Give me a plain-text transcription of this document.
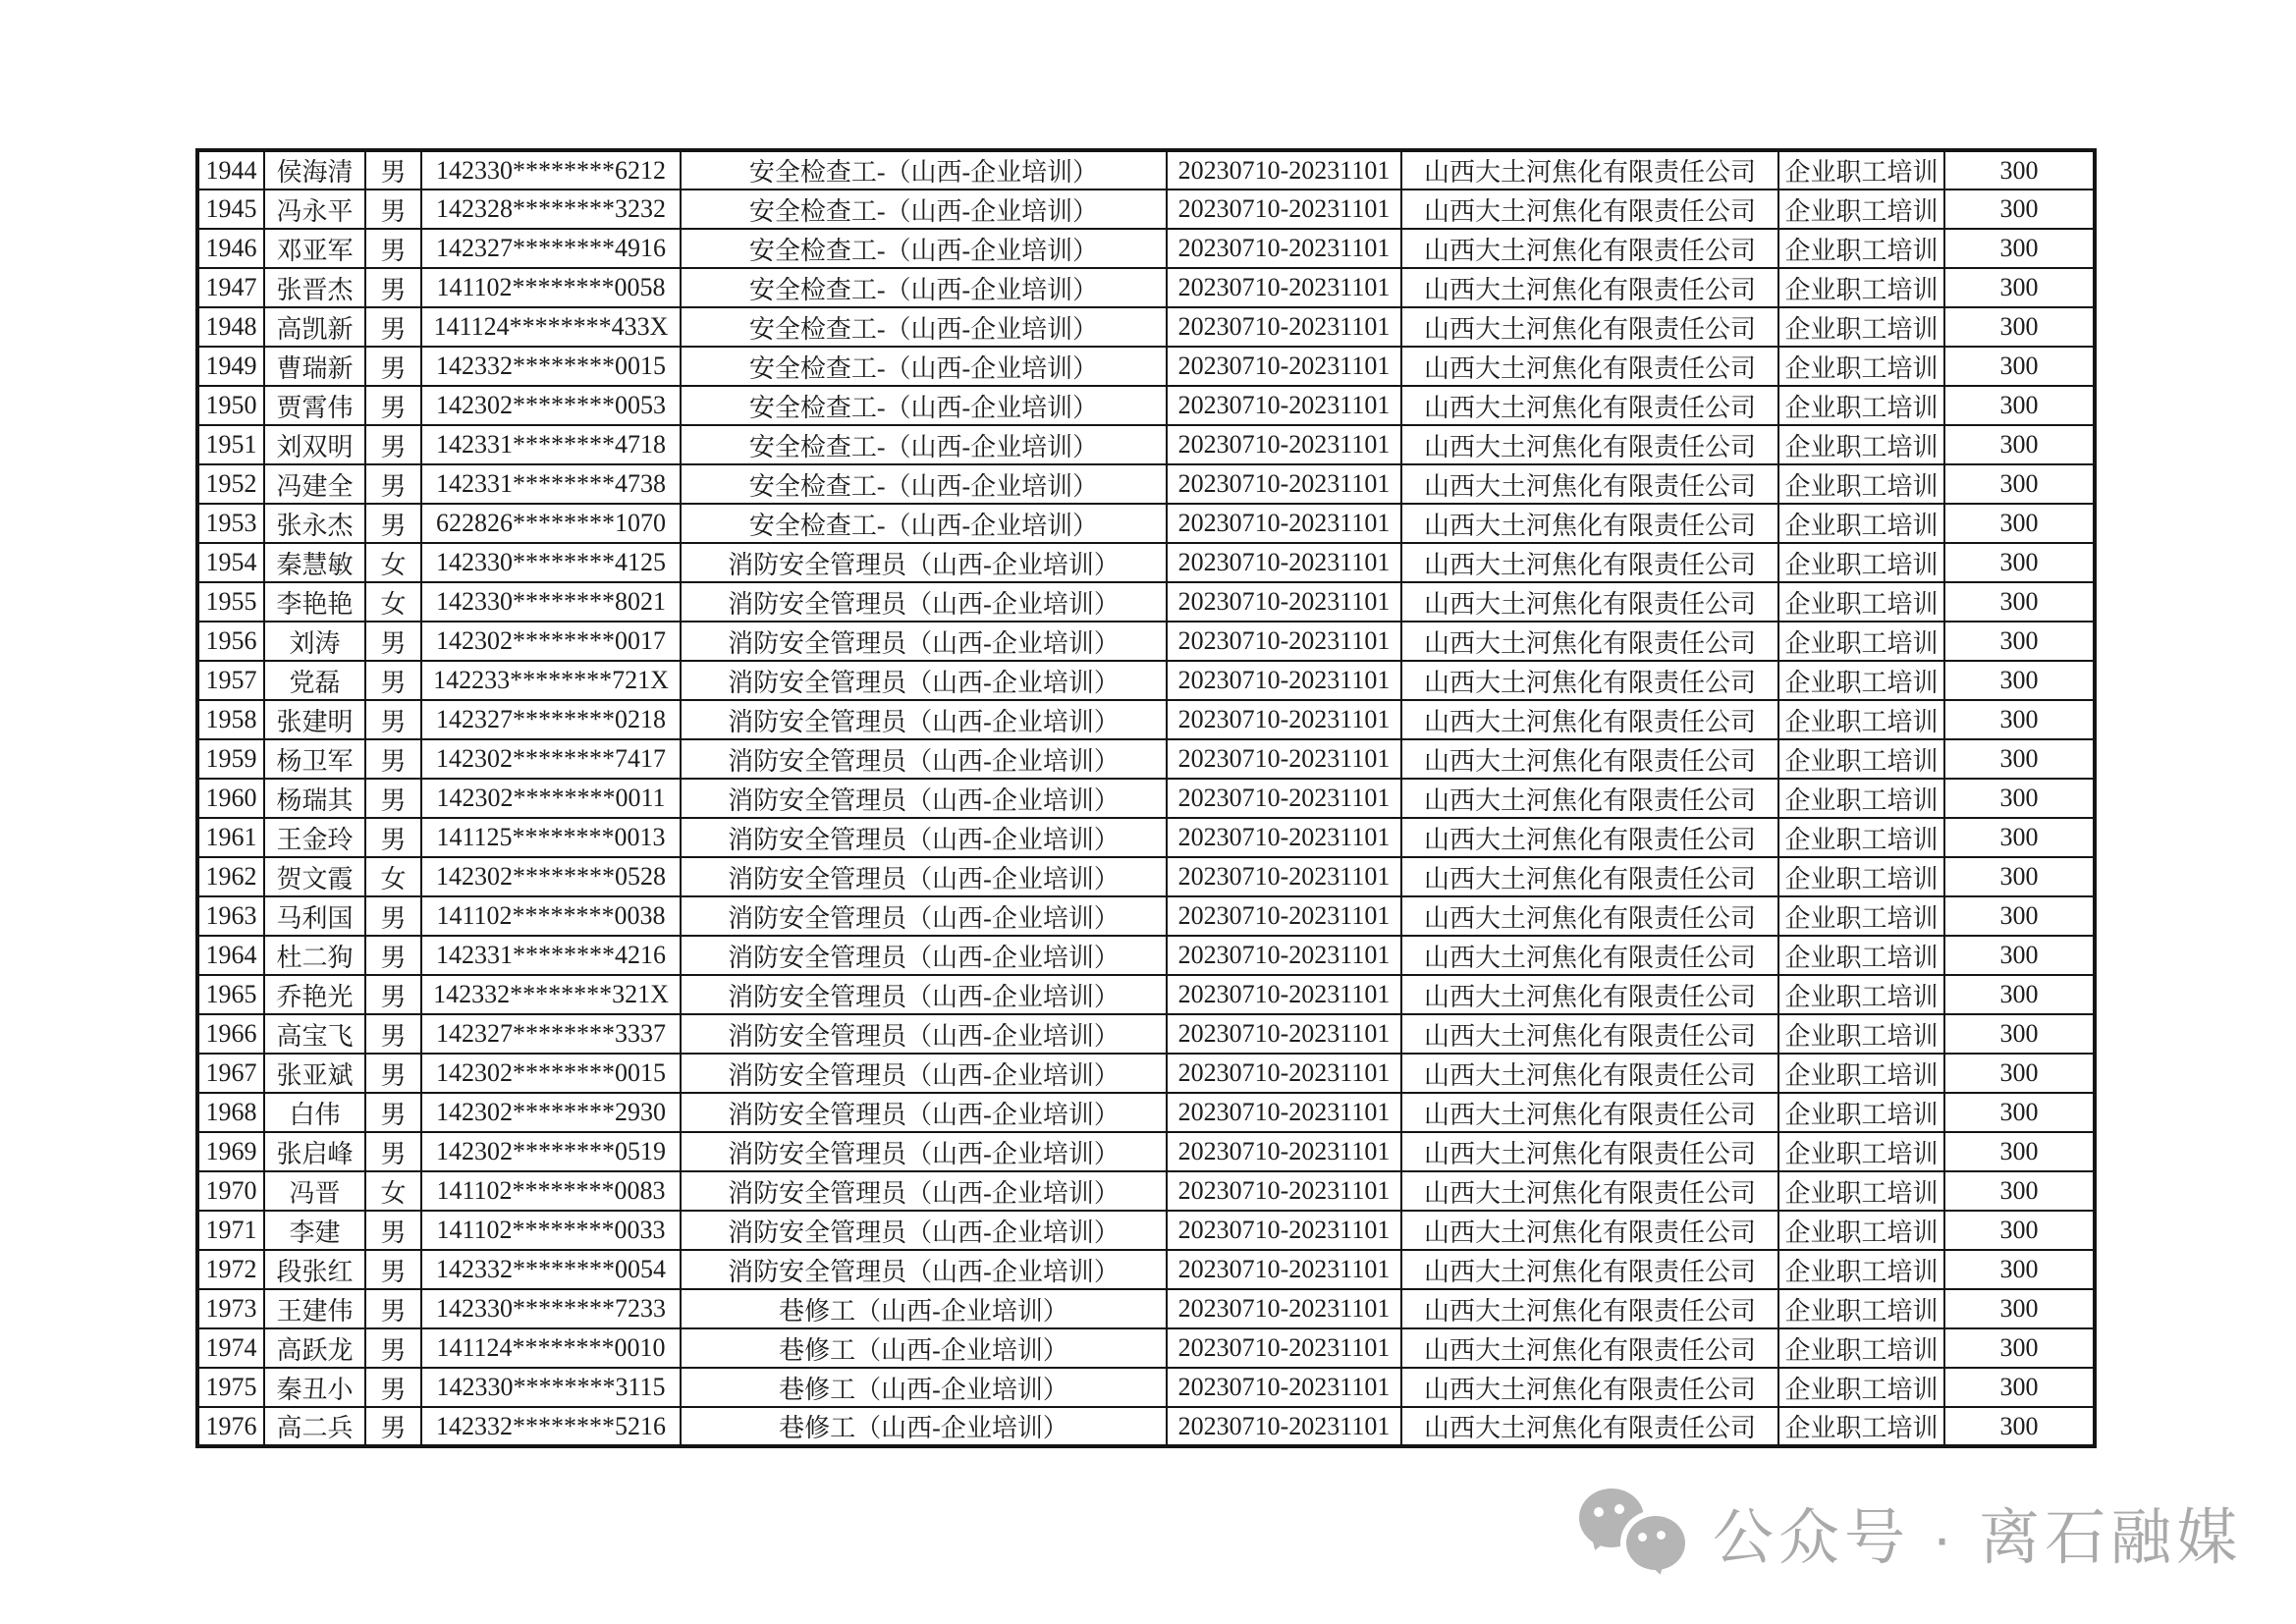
1944	侯海清	男	142330********6212	安全检查工-（山西-企业培训）	20230710-20231101	山西大土河焦化有限责任公司	企业职工培训	300
1945	冯永平	男	142328********3232	安全检查工-（山西-企业培训）	20230710-20231101	山西大土河焦化有限责任公司	企业职工培训	300
1946	邓亚军	男	142327********4916	安全检查工-（山西-企业培训）	20230710-20231101	山西大土河焦化有限责任公司	企业职工培训	300
1947	张晋杰	男	141102********0058	安全检查工-（山西-企业培训）	20230710-20231101	山西大土河焦化有限责任公司	企业职工培训	300
1948	高凯新	男	141124********433X	安全检查工-（山西-企业培训）	20230710-20231101	山西大土河焦化有限责任公司	企业职工培训	300
1949	曹瑞新	男	142332********0015	安全检查工-（山西-企业培训）	20230710-20231101	山西大土河焦化有限责任公司	企业职工培训	300
1950	贾霄伟	男	142302********0053	安全检查工-（山西-企业培训）	20230710-20231101	山西大土河焦化有限责任公司	企业职工培训	300
1951	刘双明	男	142331********4718	安全检查工-（山西-企业培训）	20230710-20231101	山西大土河焦化有限责任公司	企业职工培训	300
1952	冯建全	男	142331********4738	安全检查工-（山西-企业培训）	20230710-20231101	山西大土河焦化有限责任公司	企业职工培训	300
1953	张永杰	男	622826********1070	安全检查工-（山西-企业培训）	20230710-20231101	山西大土河焦化有限责任公司	企业职工培训	300
1954	秦慧敏	女	142330********4125	消防安全管理员（山西-企业培训）	20230710-20231101	山西大土河焦化有限责任公司	企业职工培训	300
1955	李艳艳	女	142330********8021	消防安全管理员（山西-企业培训）	20230710-20231101	山西大土河焦化有限责任公司	企业职工培训	300
1956	刘涛	男	142302********0017	消防安全管理员（山西-企业培训）	20230710-20231101	山西大土河焦化有限责任公司	企业职工培训	300
1957	党磊	男	142233********721X	消防安全管理员（山西-企业培训）	20230710-20231101	山西大土河焦化有限责任公司	企业职工培训	300
1958	张建明	男	142327********0218	消防安全管理员（山西-企业培训）	20230710-20231101	山西大土河焦化有限责任公司	企业职工培训	300
1959	杨卫军	男	142302********7417	消防安全管理员（山西-企业培训）	20230710-20231101	山西大土河焦化有限责任公司	企业职工培训	300
1960	杨瑞其	男	142302********0011	消防安全管理员（山西-企业培训）	20230710-20231101	山西大土河焦化有限责任公司	企业职工培训	300
1961	王金玲	男	141125********0013	消防安全管理员（山西-企业培训）	20230710-20231101	山西大土河焦化有限责任公司	企业职工培训	300
1962	贺文霞	女	142302********0528	消防安全管理员（山西-企业培训）	20230710-20231101	山西大土河焦化有限责任公司	企业职工培训	300
1963	马利国	男	141102********0038	消防安全管理员（山西-企业培训）	20230710-20231101	山西大土河焦化有限责任公司	企业职工培训	300
1964	杜二狗	男	142331********4216	消防安全管理员（山西-企业培训）	20230710-20231101	山西大土河焦化有限责任公司	企业职工培训	300
1965	乔艳光	男	142332********321X	消防安全管理员（山西-企业培训）	20230710-20231101	山西大土河焦化有限责任公司	企业职工培训	300
1966	高宝飞	男	142327********3337	消防安全管理员（山西-企业培训）	20230710-20231101	山西大土河焦化有限责任公司	企业职工培训	300
1967	张亚斌	男	142302********0015	消防安全管理员（山西-企业培训）	20230710-20231101	山西大土河焦化有限责任公司	企业职工培训	300
1968	白伟	男	142302********2930	消防安全管理员（山西-企业培训）	20230710-20231101	山西大土河焦化有限责任公司	企业职工培训	300
1969	张启峰	男	142302********0519	消防安全管理员（山西-企业培训）	20230710-20231101	山西大土河焦化有限责任公司	企业职工培训	300
1970	冯晋	女	141102********0083	消防安全管理员（山西-企业培训）	20230710-20231101	山西大土河焦化有限责任公司	企业职工培训	300
1971	李建	男	141102********0033	消防安全管理员（山西-企业培训）	20230710-20231101	山西大土河焦化有限责任公司	企业职工培训	300
1972	段张红	男	142332********0054	消防安全管理员（山西-企业培训）	20230710-20231101	山西大土河焦化有限责任公司	企业职工培训	300
1973	王建伟	男	142330********7233	巷修工（山西-企业培训）	20230710-20231101	山西大土河焦化有限责任公司	企业职工培训	300
1974	高跃龙	男	141124********0010	巷修工（山西-企业培训）	20230710-20231101	山西大土河焦化有限责任公司	企业职工培训	300
1975	秦丑小	男	142330********3115	巷修工（山西-企业培训）	20230710-20231101	山西大土河焦化有限责任公司	企业职工培训	300
1976	高二兵	男	142332********5216	巷修工（山西-企业培训）	20230710-20231101	山西大土河焦化有限责任公司	企业职工培训	300
公众号 · 离石融媒
